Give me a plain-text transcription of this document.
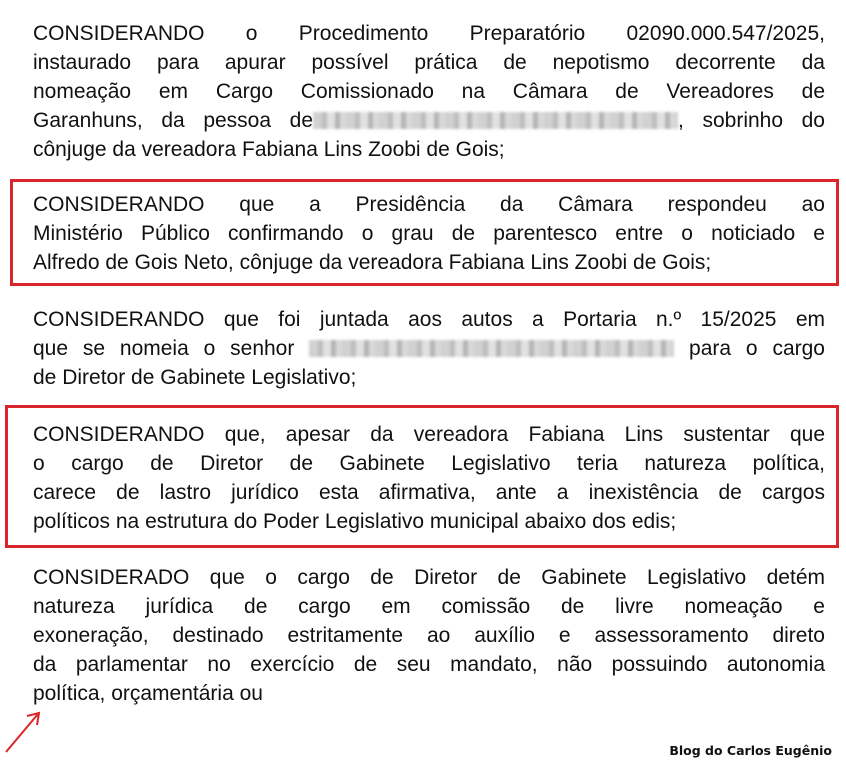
CONSIDERANDO o Procedimento Preparatório 02090.000.547/2025,
instaurado para apurar possível prática de nepotismo decorrente da
nomeação em Cargo Comissionado na Câmara de Vereadores de
Garanhuns, da pessoa de	, sobrinho do
cônjuge da vereadora Fabiana Lins Zoobi de Gois;

CONSIDERANDO que a Presidência da Câmara respondeu ao
Ministério Público confirmando o grau de parentesco entre o noticiado e
Alfredo de Gois Neto, cônjuge da vereadora Fabiana Lins Zoobi de Gois;

CONSIDERANDO que foi juntada aos autos a Portaria n.º 15/2025 em
que se nomeia o senhor	para o cargo
de Diretor de Gabinete Legislativo;

CONSIDERANDO que, apesar da vereadora Fabiana Lins sustentar que
o cargo de Diretor de Gabinete Legislativo teria natureza política,
carece de lastro jurídico esta afirmativa, ante a inexistência de cargos
políticos na estrutura do Poder Legislativo municipal abaixo dos edis;

CONSIDERADO que o cargo de Diretor de Gabinete Legislativo detém
natureza jurídica de cargo em comissão de livre nomeação e
exoneração, destinado estritamente ao auxílio e assessoramento direto
da parlamentar no exercício de seu mandato, não possuindo autonomia
política, orçamentária ou

Blog do Carlos Eugênio
